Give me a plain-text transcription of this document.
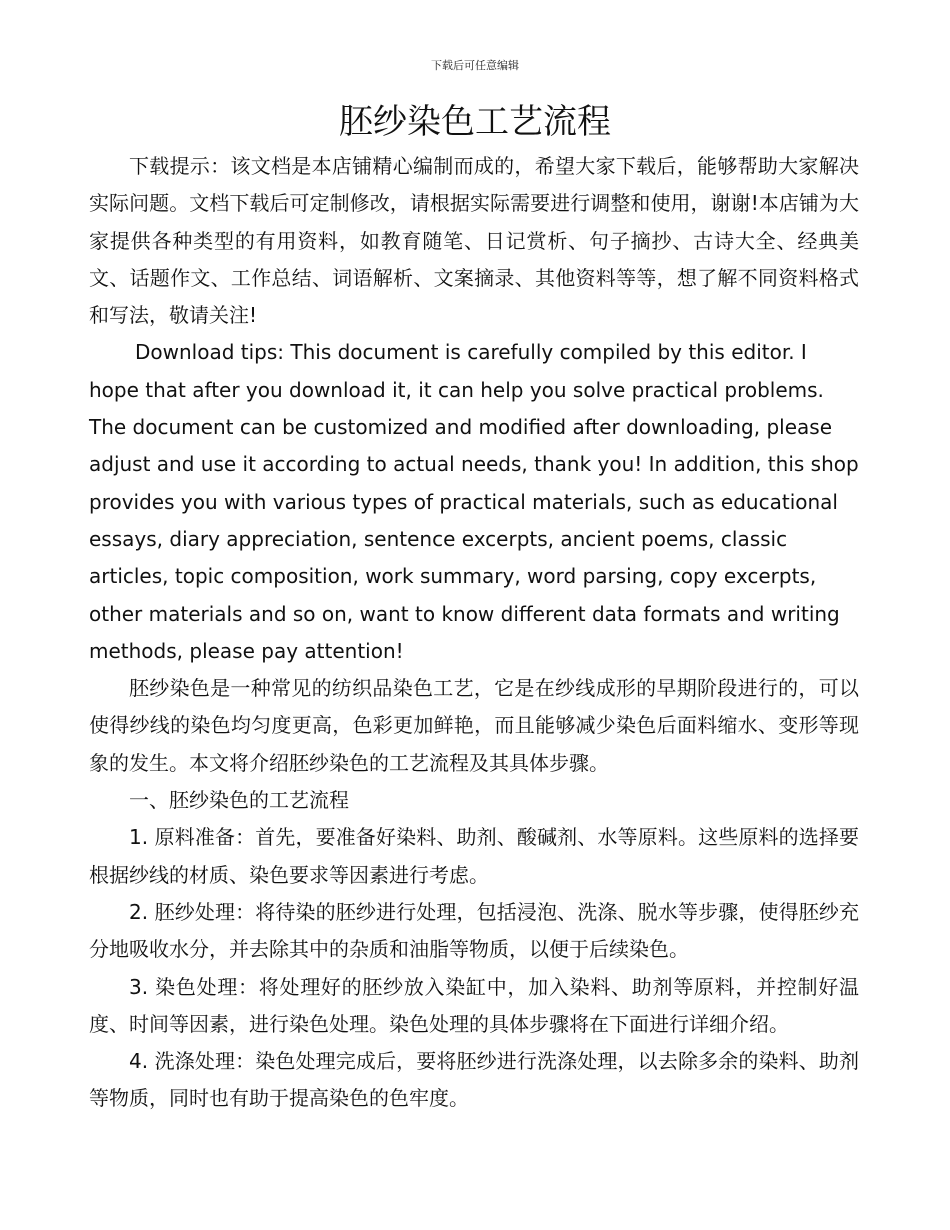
下载后可任意编辑
胚纱染色工艺流程

下载提示：该文档是本店铺精心编制而成的，希望大家下载后，能够帮助大家解决实际问题。文档下载后可定制修改，请根据实际需要进行调整和使用，谢谢!本店铺为大家提供各种类型的有用资料，如教育随笔、日记赏析、句子摘抄、古诗大全、经典美文、话题作文、工作总结、词语解析、文案摘录、其他资料等等，想了解不同资料格式和写法，敬请关注!

Download tips: This document is carefully compiled by this editor. I hope that after you download it, it can help you solve practical problems. The document can be customized and modified after downloading, please adjust and use it according to actual needs, thank you! In addition, this shop provides you with various types of practical materials, such as educational essays, diary appreciation, sentence excerpts, ancient poems, classic articles, topic composition, work summary, word parsing, copy excerpts, other materials and so on, want to know different data formats and writing methods, please pay attention!

胚纱染色是一种常见的纺织品染色工艺，它是在纱线成形的早期阶段进行的，可以使得纱线的染色均匀度更高，色彩更加鲜艳，而且能够减少染色后面料缩水、变形等现象的发生。本文将介绍胚纱染色的工艺流程及其具体步骤。

一、胚纱染色的工艺流程

1. 原料准备：首先，要准备好染料、助剂、酸碱剂、水等原料。这些原料的选择要根据纱线的材质、染色要求等因素进行考虑。

2. 胚纱处理：将待染的胚纱进行处理，包括浸泡、洗涤、脱水等步骤，使得胚纱充分地吸收水分，并去除其中的杂质和油脂等物质，以便于后续染色。

3. 染色处理：将处理好的胚纱放入染缸中，加入染料、助剂等原料，并控制好温度、时间等因素，进行染色处理。染色处理的具体步骤将在下面进行详细介绍。

4. 洗涤处理：染色处理完成后，要将胚纱进行洗涤处理，以去除多余的染料、助剂等物质，同时也有助于提高染色的色牢度。
